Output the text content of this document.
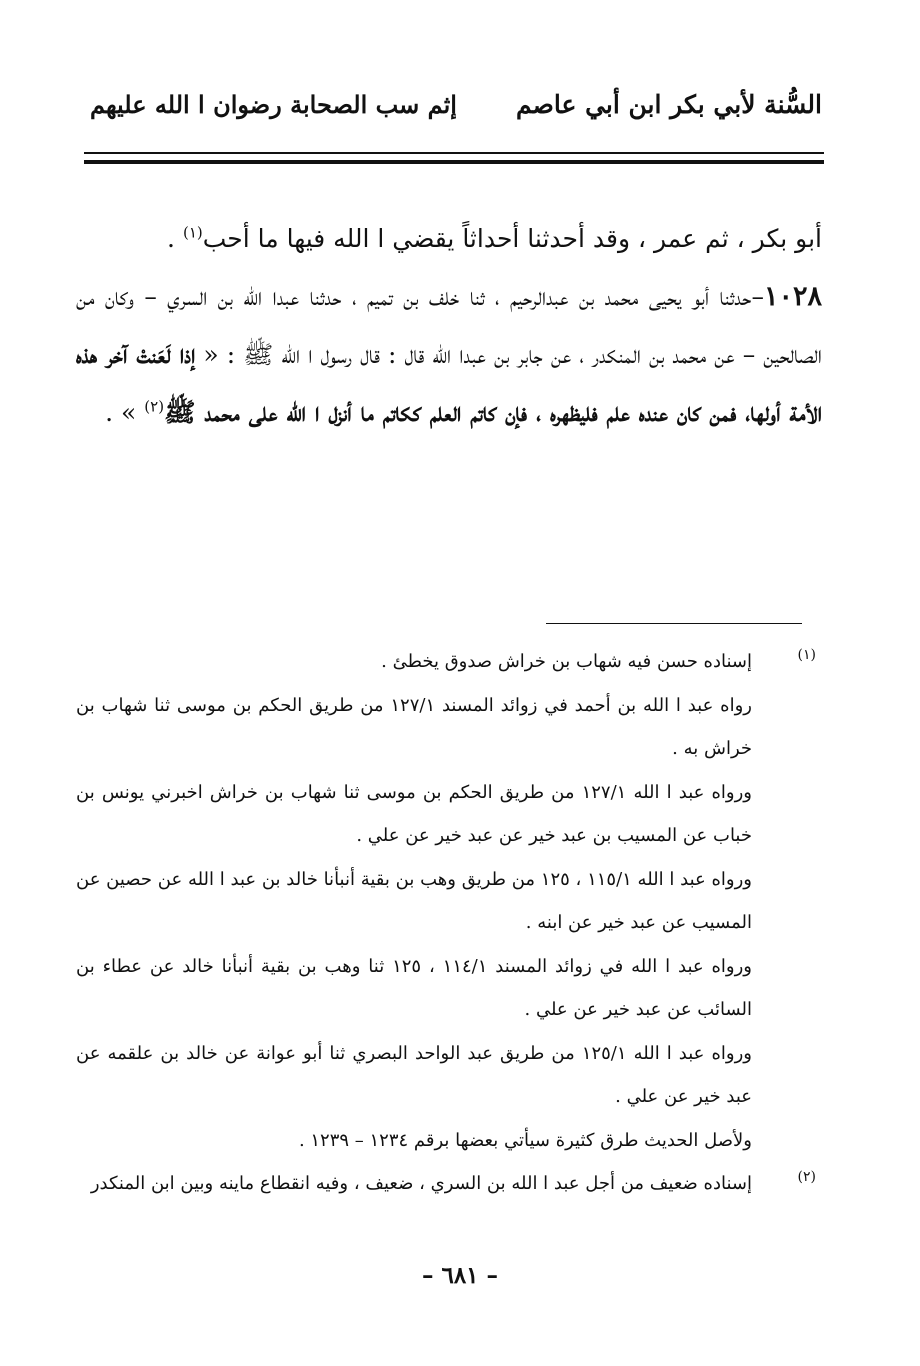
السُّنة لأبي بكر ابن أبي عاصم
إثم سب الصحابة رضوان ا الله عليهم

أبو بكر ، ثم عمر ، وقد أحدثنا أحداثاً يقضي ا الله فيها ما أحب$^{(١)}$ .

١٠٢٨–حدثنا أبو يحيى محمد بن عبدالرحيم ، ثنا خلف بن تميم ، حدثنا عبدا الله بن السري – وكان من الصالحين – عن محمد بن المنكدر ، عن جابر بن عبدا الله قال : قال رسول ا الله ﷺ : « إذا لَعَنتْ آخر هذه الأمة أولها، فمن كان عنده علم فليظهره ، فإن كاتم العلم ككاتم ما أنزل ا الله على محمد ﷺ$^{(٢)}$ » .

(١)

إسناده حسن فيه شهاب بن خراش صدوق يخطئ .

رواه عبد ا الله بن أحمد في زوائد المسند ١٢٧/١ من طريق الحكم بن موسى ثنا شهاب بن خراش به .

ورواه عبد ا الله ١٢٧/١ من طريق الحكم بن موسى ثنا شهاب بن خراش اخبرني يونس بن خباب عن المسيب بن عبد خير عن عبد خير عن علي .

ورواه عبد ا الله ١١٥/١ ، ١٢٥ من طريق وهب بن بقية أنبأنا خالد بن عبد ا الله عن حصين عن المسيب عن عبد خير عن ابنه .

ورواه عبد ا الله في زوائد المسند ١١٤/١ ، ١٢٥ ثنا وهب بن بقية أنبأنا خالد عن عطاء بن السائب عن عبد خير عن علي .

ورواه عبد ا الله ١٢٥/١ من طريق عبد الواحد البصري ثنا أبو عوانة عن خالد بن علقمه عن عبد خير عن علي .

ولأصل الحديث طرق كثيرة سيأتي بعضها برقم ١٢٣٤ – ١٢٣٩ .

(٢)

إسناده ضعيف من أجل عبد ا الله بن السري ، ضعيف ، وفيه انقطاع ماينه وبين ابن المنكدر

– ٦٨١ –
